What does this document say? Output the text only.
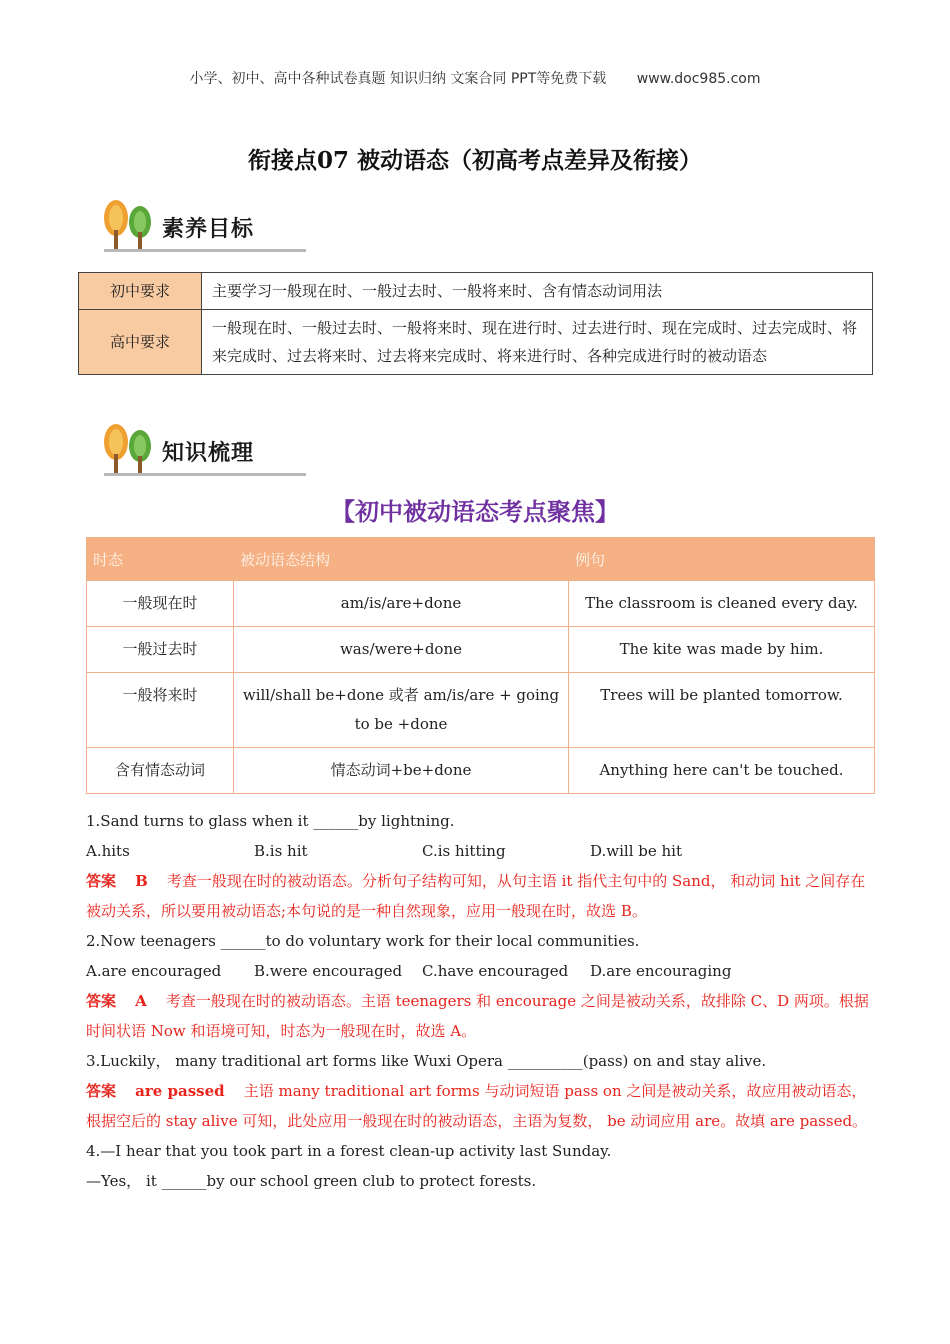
小学、初中、高中各种试卷真题 知识归纳 文案合同 PPT等免费下载 www.doc985.com
衔接点07 被动语态（初高考点差异及衔接）
素养目标
初中要求	主要学习一般现在时、一般过去时、一般将来时、含有情态动词用法
高中要求	一般现在时、一般过去时、一般将来时、现在进行时、过去进行时、现在完成时、过去完成时、将来完成时、过去将来时、过去将来完成时、将来进行时、各种完成进行时的被动语态
知识梳理
【初中被动语态考点聚焦】
时态	被动语态结构	例句
一般现在时	am/is/are+done	The classroom is cleaned every day.
一般过去时	was/were+done	The kite was made by him.
一般将来时	will/shall be+done 或者 am/is/are + going to be +done	Trees will be planted tomorrow.
含有情态动词	情态动词+be+done	Anything here can't be touched.

1.Sand turns to glass when it ______by lightning.

A.hits	B.is hit	C.is hitting	D.will be hit

答案 B 考查一般现在时的被动语态。分析句子结构可知，从句主语 it 指代主句中的 Sand， 和动词 hit 之间存在被动关系，所以要用被动语态;本句说的是一种自然现象，应用一般现在时，故选 B。

2.Now teenagers ______to do voluntary work for their local communities.

A.are encouraged B.were encouraged C.have encouraged D.are encouraging

答案 A 考查一般现在时的被动语态。主语 teenagers 和 encourage 之间是被动关系，故排除 C、D 两项。根据时间状语 Now 和语境可知，时态为一般现在时，故选 A。

3.Luckily， many traditional art forms like Wuxi Opera __________(pass) on and stay alive.

答案 are passed 主语 many traditional art forms 与动词短语 pass on 之间是被动关系，故应用被动语态，根据空后的 stay alive 可知，此处应用一般现在时的被动语态，主语为复数， be 动词应用 are。故填 are passed。

4.—I hear that you took part in a forest clean-up activity last Sunday.

—Yes， it ______by our school green club to protect forests.
